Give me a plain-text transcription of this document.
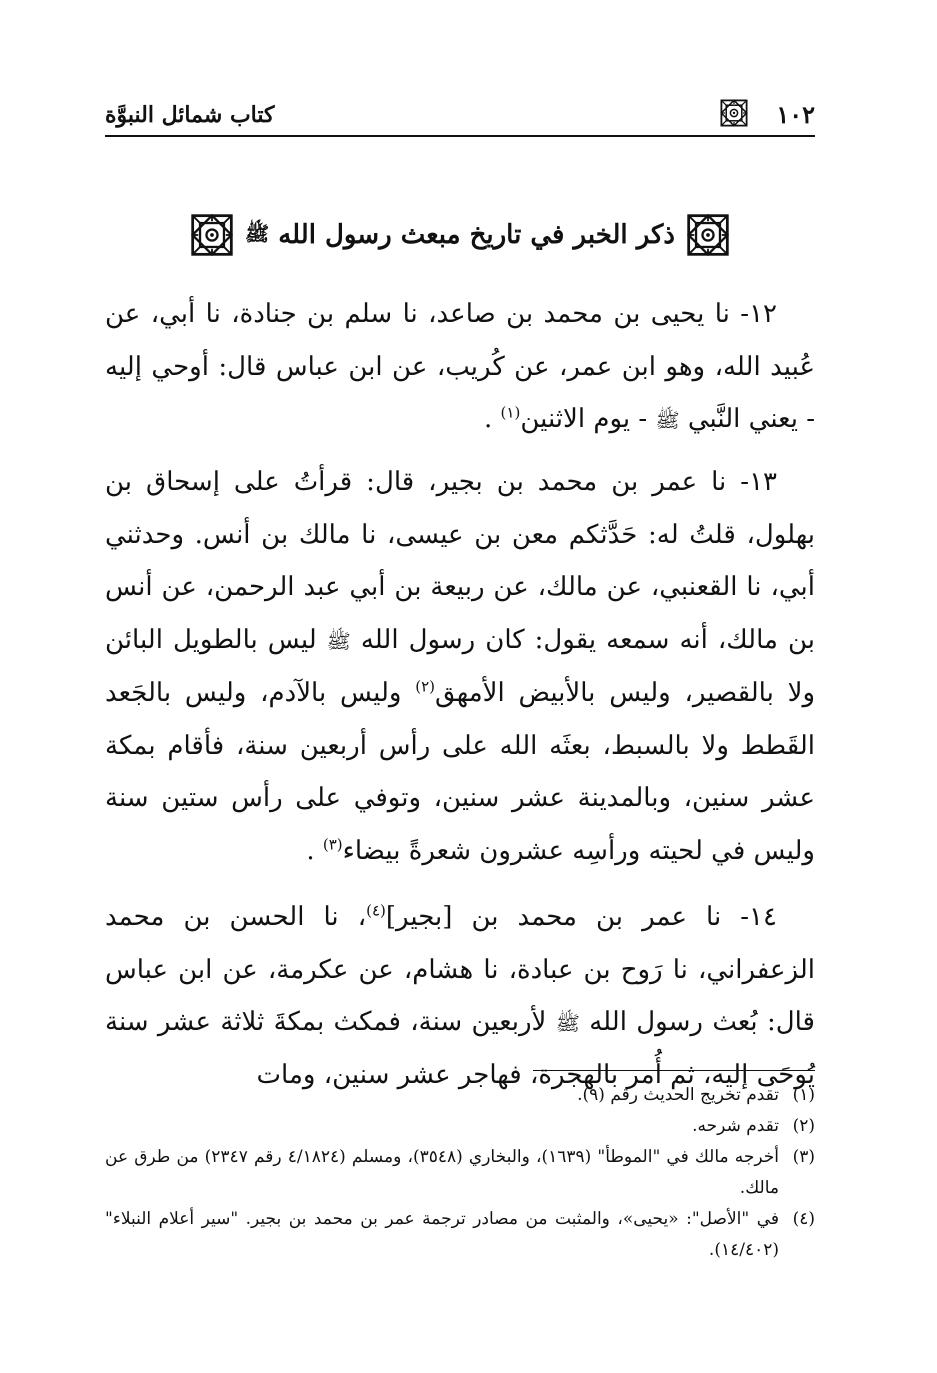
١٠٢
كتاب شمائل النبوَّة
ذكر الخبر في تاريخ مبعث رسول الله ﷺ

١٢- نا يحيى بن محمد بن صاعد، نا سلم بن جنادة، نا أبي، عن عُبيد الله، وهو ابن عمر، عن كُريب، عن ابن عباس قال: أوحي إليه - يعني النَّبي ﷺ - يوم الاثنين$^{(١)}$ .

١٣- نا عمر بن محمد بن بجير، قال: قرأتُ على إسحاق بن بهلول، قلتُ له: حَدَّثكم معن بن عيسى، نا مالك بن أنس. وحدثني أبي، نا القعنبي، عن مالك، عن ربيعة بن أبي عبد الرحمن، عن أنس بن مالك، أنه سمعه يقول: كان رسول الله ﷺ ليس بالطويل البائن ولا بالقصير، وليس بالأبيض الأمهق$^{(٢)}$ وليس بالآدم، وليس بالجَعد القَطط ولا بالسبط، بعثَه الله على رأس أربعين سنة، فأقام بمكة عشر سنين، وبالمدينة عشر سنين، وتوفي على رأس ستين سنة وليس في لحيته ورأسِه عشرون شعرةً بيضاء$^{(٣)}$ .

١٤- نا عمر بن محمد بن [بجير]$^{(٤)}$، نا الحسن بن محمد الزعفراني، نا رَوح بن عبادة، نا هشام، عن عكرمة، عن ابن عباس قال: بُعث رسول الله ﷺ لأربعين سنة، فمكث بمكةَ ثلاثة عشر سنة يُوحَى إليه، ثم أُمر بالهجرة، فهاجر عشر سنين، ومات

(١)
تقدم تخريج الحديث رقم (٩).
(٢)
تقدم شرحه.
(٣)
أخرجه مالك في "الموطأ" (١٦٣٩)، والبخاري (٣٥٤٨)، ومسلم (٤/١٨٢٤ رقم ٢٣٤٧) من طرق عن مالك.
(٤)
في "الأصل": «يحيى»، والمثبت من مصادر ترجمة عمر بن محمد بن بجير. "سير أعلام النبلاء" (١٤/٤٠٢).
